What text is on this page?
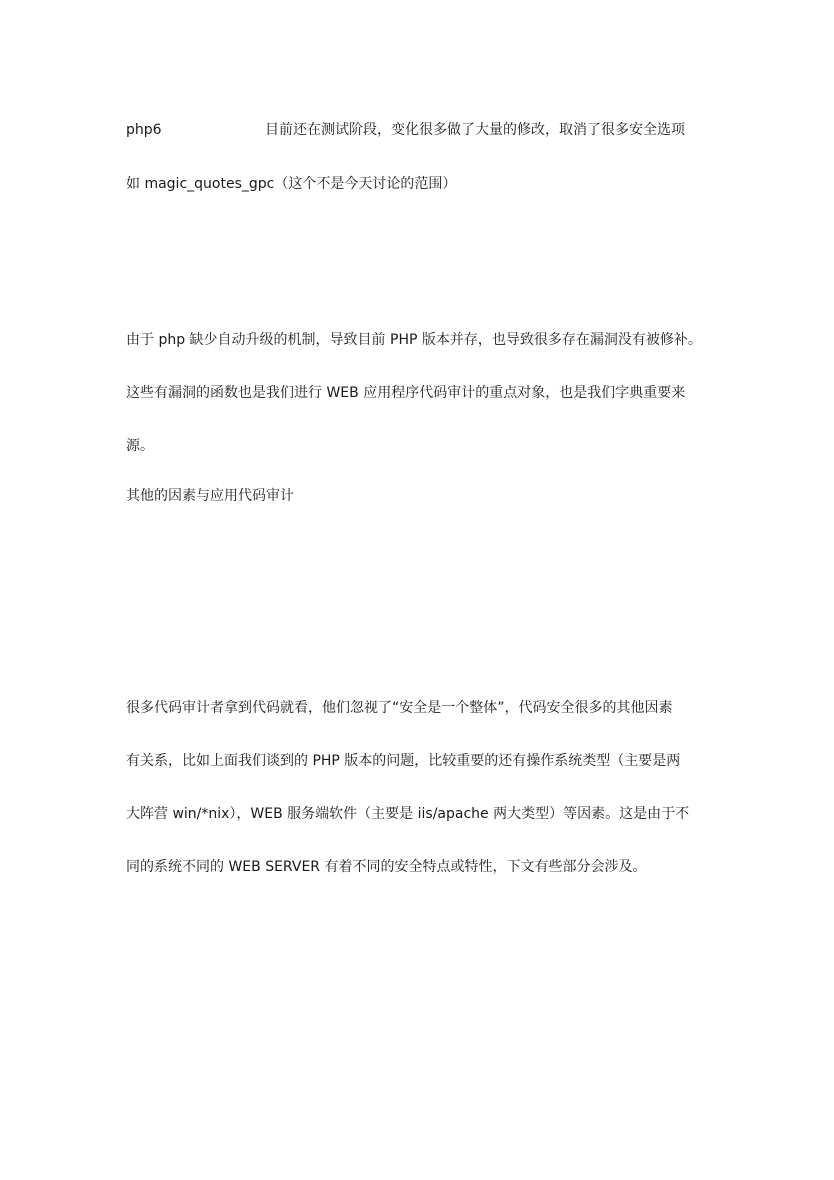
php6	目前还在测试阶段，变化很多做了大量的修改，取消了很多安全选项
如 magic_quotes_gpc（这个不是今天讨论的范围）
由于 php 缺少自动升级的机制，导致目前 PHP 版本并存，也导致很多存在漏洞没有被修补。
这些有漏洞的函数也是我们进行 WEB 应用程序代码审计的重点对象，也是我们字典重要来
源。
其他的因素与应用代码审计
很多代码审计者拿到代码就看，他们忽视了“安全是一个整体”，代码安全很多的其他因素
有关系，比如上面我们谈到的 PHP 版本的问题，比较重要的还有操作系统类型（主要是两
大阵营 win/*nix），WEB 服务端软件（主要是 iis/apache 两大类型）等因素。这是由于不
同的系统不同的 WEB SERVER 有着不同的安全特点或特性，下文有些部分会涉及。
